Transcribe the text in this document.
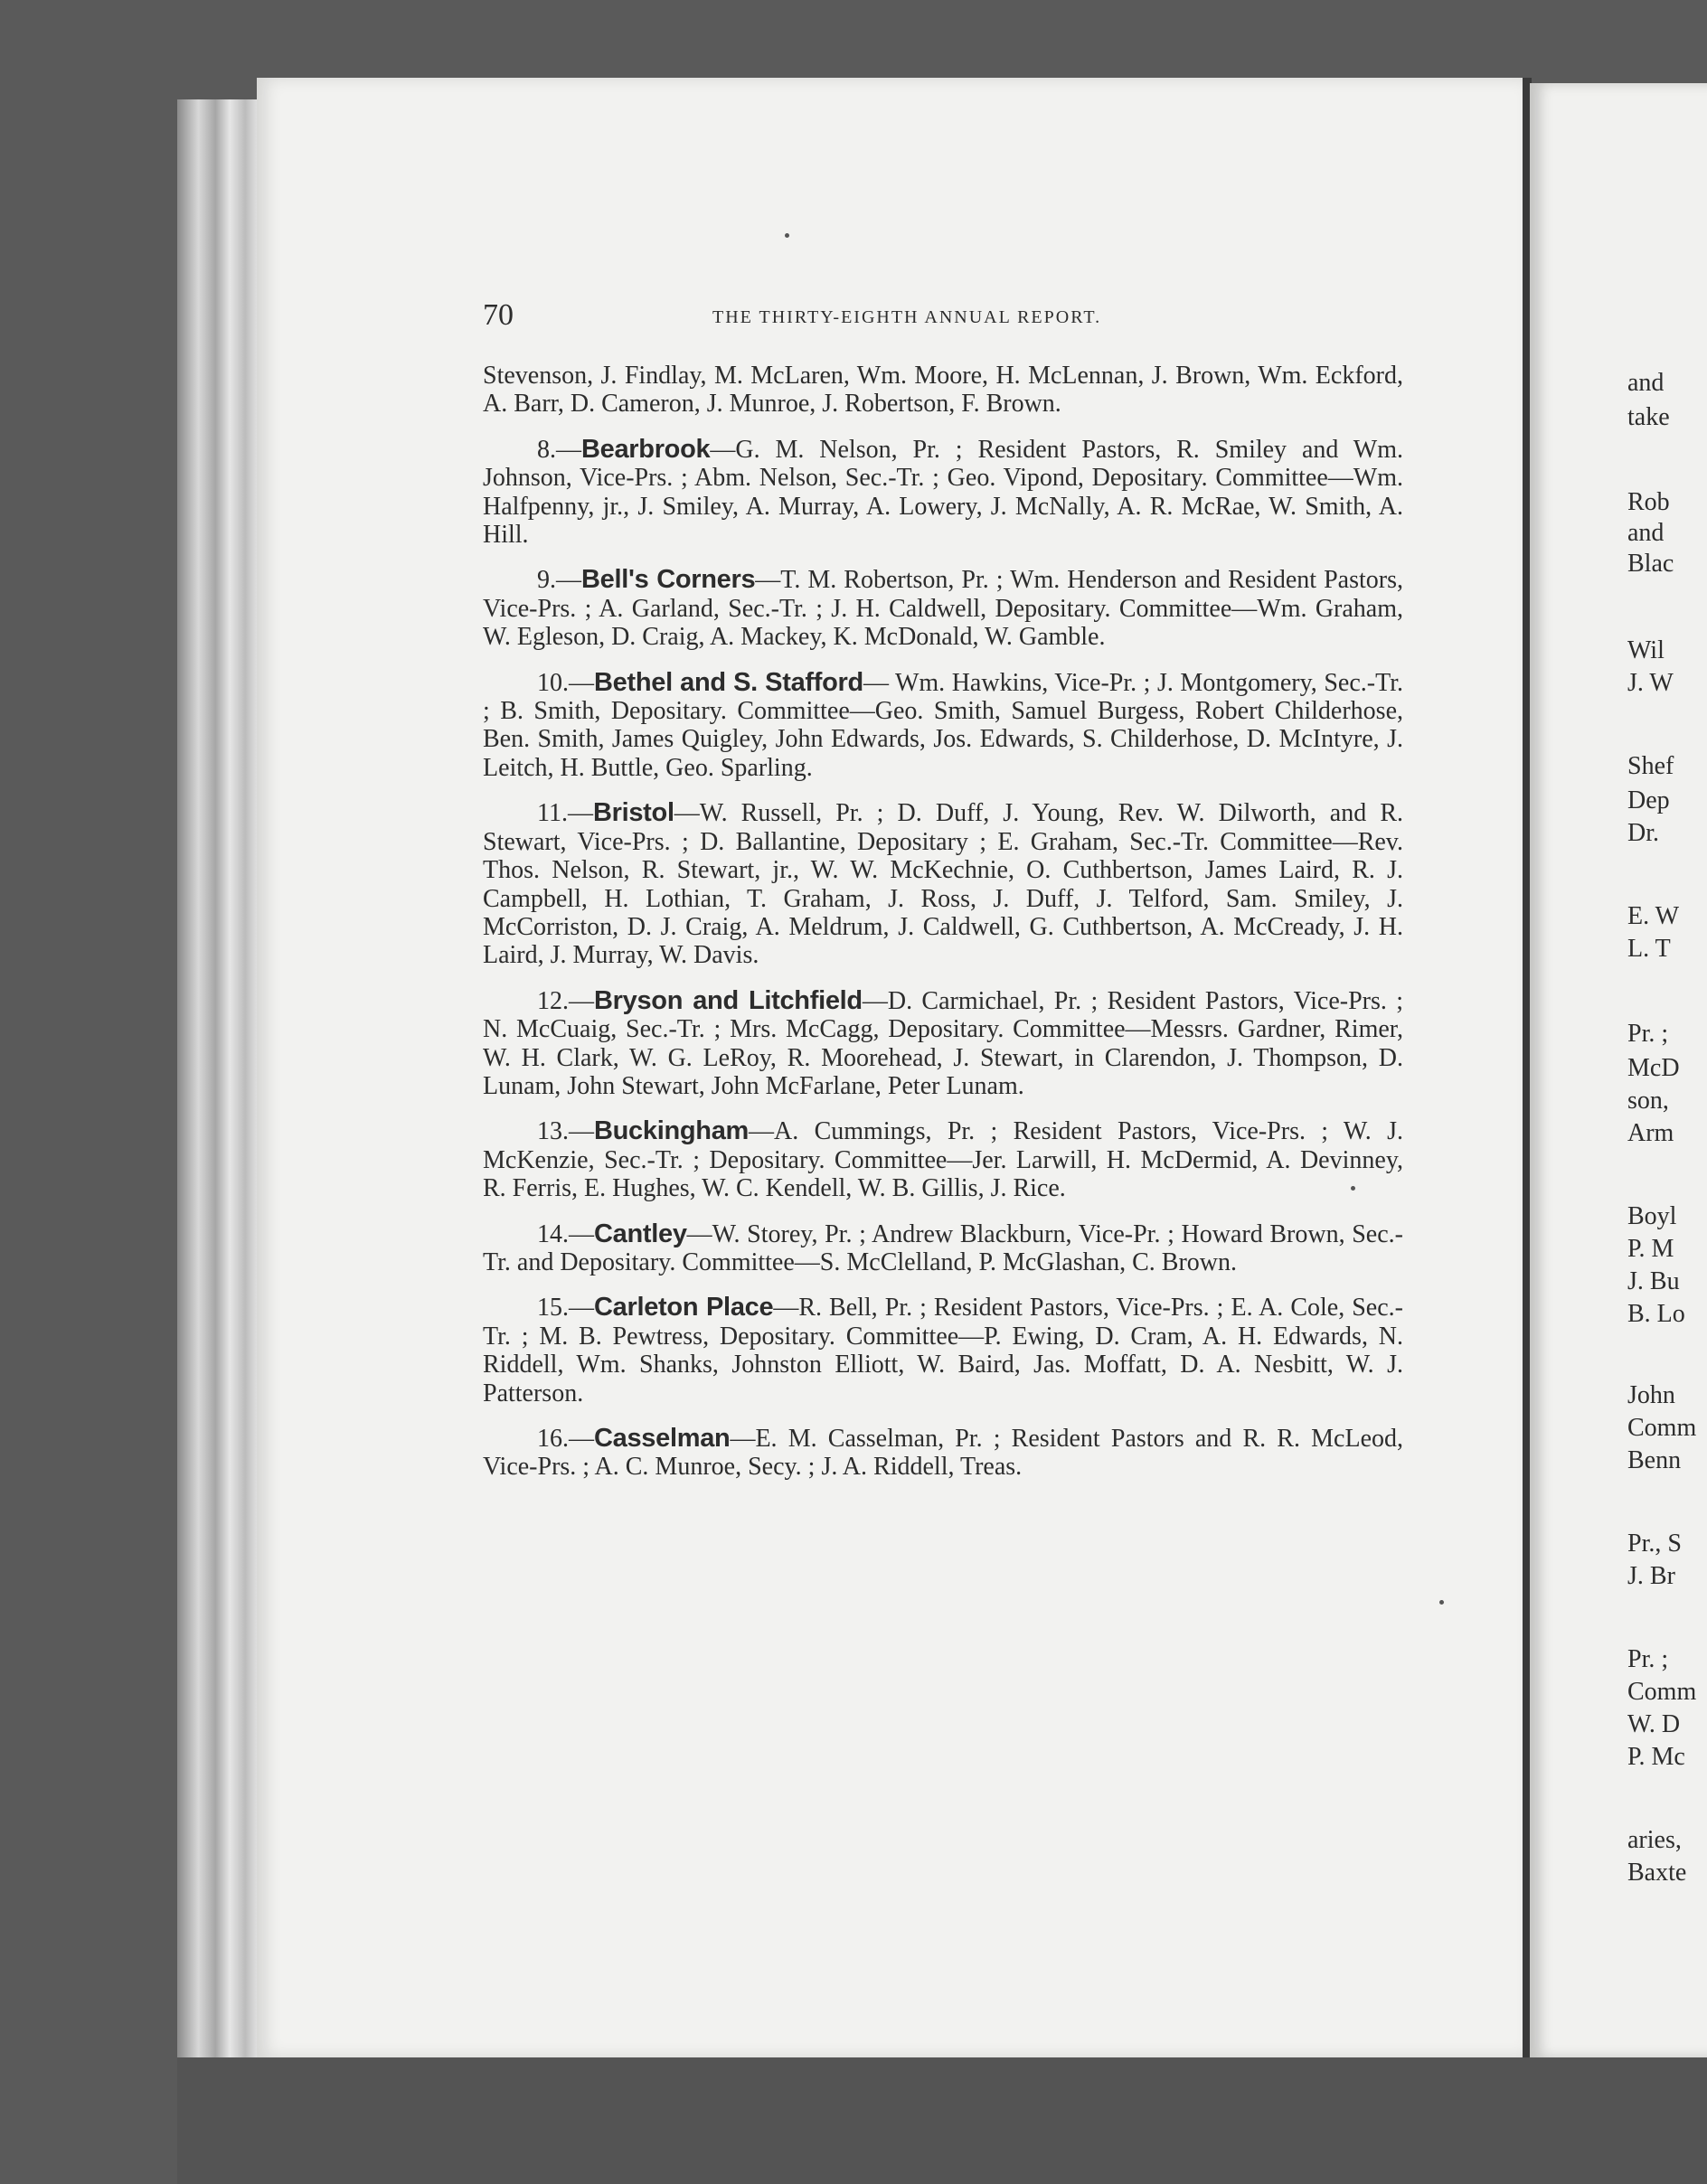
70	THE THIRTY-EIGHTH ANNUAL REPORT.

Stevenson, J. Findlay, M. McLaren, Wm. Moore, H. McLennan, J. Brown, Wm. Eckford, A. Barr, D. Cameron, J. Munroe, J. Robertson, F. Brown.

8.—Bearbrook—G. M. Nelson, Pr. ; Resident Pastors, R. Smiley and Wm. Johnson, Vice-Prs. ; Abm. Nelson, Sec.-Tr. ; Geo. Vipond, Depositary. Committee—Wm. Halfpenny, jr., J. Smiley, A. Murray, A. Lowery, J. McNally, A. R. McRae, W. Smith, A. Hill.

9.—Bell's Corners—T. M. Robertson, Pr. ; Wm. Henderson and Resident Pastors, Vice-Prs. ; A. Garland, Sec.-Tr. ; J. H. Caldwell, Depositary. Committee—Wm. Graham, W. Egleson, D. Craig, A. Mackey, K. McDonald, W. Gamble.

10.—Bethel and S. Stafford— Wm. Hawkins, Vice-Pr. ; J. Montgomery, Sec.-Tr. ; B. Smith, Depositary. Committee—Geo. Smith, Samuel Burgess, Robert Childerhose, Ben. Smith, James Quigley, John Edwards, Jos. Edwards, S. Childerhose, D. McIntyre, J. Leitch, H. Buttle, Geo. Sparling.

11.—Bristol—W. Russell, Pr. ; D. Duff, J. Young, Rev. W. Dilworth, and R. Stewart, Vice-Prs. ; D. Ballantine, Depositary ; E. Graham, Sec.-Tr. Committee—Rev. Thos. Nelson, R. Stewart, jr., W. W. McKechnie, O. Cuthbertson, James Laird, R. J. Campbell, H. Lothian, T. Graham, J. Ross, J. Duff, J. Telford, Sam. Smiley, J. McCorriston, D. J. Craig, A. Meldrum, J. Caldwell, G. Cuthbertson, A. McCready, J. H. Laird, J. Murray, W. Davis.

12.—Bryson and Litchfield—D. Carmichael, Pr. ; Resident Pastors, Vice-Prs. ; N. McCuaig, Sec.-Tr. ; Mrs. McCagg, Depositary. Committee—Messrs. Gardner, Rimer, W. H. Clark, W. G. LeRoy, R. Moorehead, J. Stewart, in Clarendon, J. Thompson, D. Lunam, John Stewart, John McFarlane, Peter Lunam.

13.—Buckingham—A. Cummings, Pr. ; Resident Pastors, Vice-Prs. ; W. J. McKenzie, Sec.-Tr. ; Depositary. Committee—Jer. Larwill, H. McDermid, A. Devinney, R. Ferris, E. Hughes, W. C. Kendell, W. B. Gillis, J. Rice.

14.—Cantley—W. Storey, Pr. ; Andrew Blackburn, Vice-Pr. ; Howard Brown, Sec.-Tr. and Depositary. Committee—S. McClelland, P. McGlashan, C. Brown.

15.—Carleton Place—R. Bell, Pr. ; Resident Pastors, Vice-Prs. ; E. A. Cole, Sec.-Tr. ; M. B. Pewtress, Depositary. Committee—P. Ewing, D. Cram, A. H. Edwards, N. Riddell, Wm. Shanks, Johnston Elliott, W. Baird, Jas. Moffatt, D. A. Nesbitt, W. J. Patterson.

16.—Casselman—E. M. Casselman, Pr. ; Resident Pastors and R. R. McLeod, Vice-Prs. ; A. C. Munroe, Secy. ; J. A. Riddell, Treas.

and
take
Rob
and
Blac
Wil
J. W
Shef
Dep
Dr.
E. W
L. T
Pr. ;
McD
son,
Arm
Boyl
P. M
J. Bu
B. Lo
John
Comm
Benn
Pr., S
J. Br
Pr. ;
Comm
W. D
P. Mc
aries,
Baxte
